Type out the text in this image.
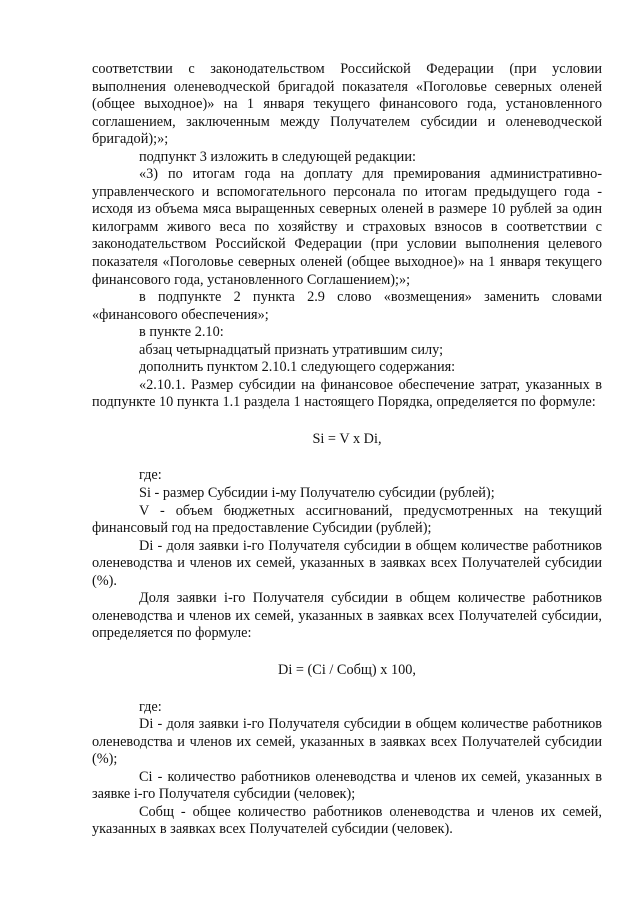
соответствии с законодательством Российской Федерации (при условии выполнения оленеводческой бригадой показателя «Поголовье северных оленей (общее выходное)» на 1 января текущего финансового года, установленного соглашением, заключенным между Получателем субсидии и оленеводческой бригадой);»;

подпункт 3 изложить в следующей редакции:

«3) по итогам года на доплату для премирования административно-управленческого и вспомогательного персонала по итогам предыдущего года - исходя из объема мяса выращенных северных оленей в размере 10 рублей за один килограмм живого веса по хозяйству и страховых взносов в соответствии с законодательством Российской Федерации (при условии выполнения целевого показателя «Поголовье северных оленей (общее выходное)» на 1 января текущего финансового года, установленного Соглашением);»;

в подпункте 2 пункта 2.9 слово «возмещения» заменить словами «финансового обеспечения»;

в пункте 2.10:

абзац четырнадцатый признать утратившим силу;

дополнить пунктом 2.10.1 следующего содержания:

«2.10.1. Размер субсидии на финансовое обеспечение затрат, указанных в подпункте 10 пункта 1.1 раздела 1 настоящего Порядка, определяется по формуле:

Si = V x Di,

где:

Si - размер Субсидии i-му Получателю субсидии (рублей);

V - объем бюджетных ассигнований, предусмотренных на текущий финансовый год на предоставление Субсидии (рублей);

Di - доля заявки i-го Получателя субсидии в общем количестве работников оленеводства и членов их семей, указанных в заявках всех Получателей субсидии (%).

Доля заявки i-го Получателя субсидии в общем количестве работников оленеводства и членов их семей, указанных в заявках всех Получателей субсидии, определяется по формуле:

Di = (Ci / Cобщ) x 100,

где:

Di - доля заявки i-го Получателя субсидии в общем количестве работников оленеводства и членов их семей, указанных в заявках всех Получателей субсидии (%);

Ci - количество работников оленеводства и членов их семей, указанных в заявке i-го Получателя субсидии (человек);

Cобщ - общее количество работников оленеводства и членов их семей, указанных в заявках всех Получателей субсидии (человек).
